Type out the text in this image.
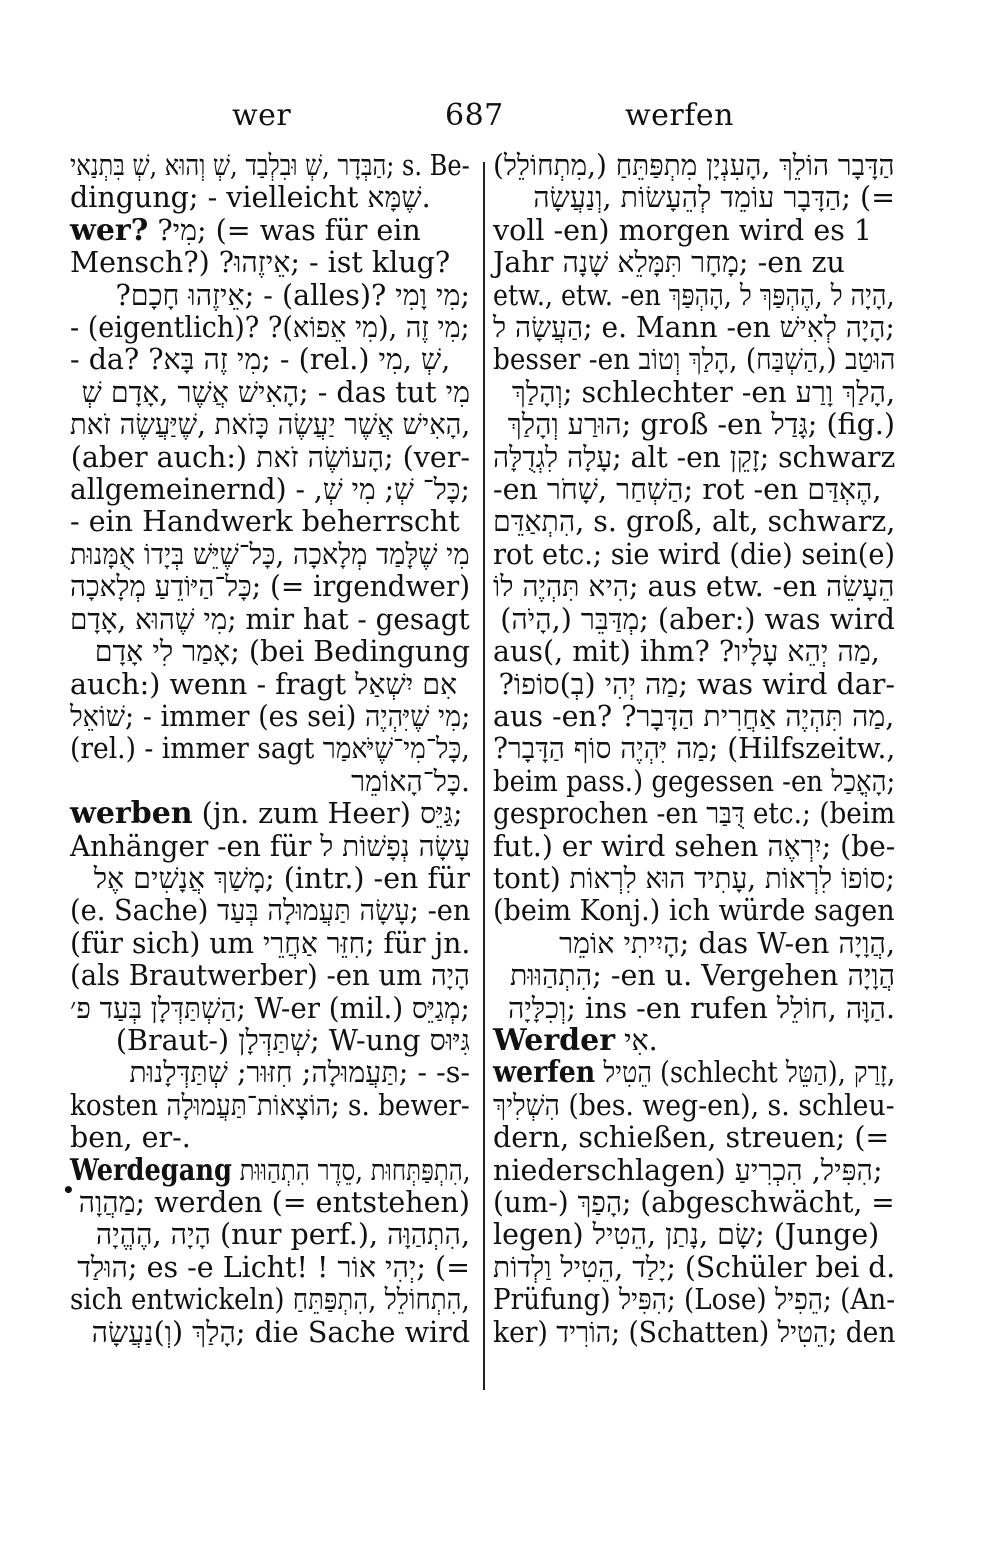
wer	687	werfen
•
הַבְּדָר ,שְׁ וּבִלְבַד ,שְׁ וְהוּא ,שְׁ בִּתְנַאי; s. Be-
dingung; - vielleicht שֶׁמָּא.
wer? ?מִי; (= was für ein
Mensch?) ?אֵיזֶהוּ; - ist klug?
?אֵיזֶהוּ חָכָם; - (alles)? מִי וָמִי;
- (eigentlich)? ?מִי זֶה ,(מִי אֵפוֹא);
- da? ?מִי זֶה בָּא; - (rel.) שְׁ ,מִי,
הָאִישׁ אֲשֶׁר ,אָדָם שְׁ; - das tut מִי
הָאִישׁ אֲשֶׁר יַעֲשֶׂה כָּזֹאת ,שֶׁיַּעֲשֶׂה זֹאת,
(aber auch:) הָעוֹשֶׂה זֹאת; (ver-
allgemeinernd) - ,כָּל־ שְׁ; מִי שְׁ;
- ein Handwerk beherrscht
מִי שֶׁלָּמַד מְלָאכָה ,כָּל־שֶׁיֵּשׁ בְּיָדוֹ אֻמָּנוּת
כָּל־הַיּוֹדֵעַ מְלָאכָה; (= irgendwer)
מִי שֶׁהוּא ,אָדָם; mir hat - gesagt
אָמַר לִי אָדָם; (bei Bedingung
auch:) wenn - fragt אִם יִשְׁאַל
שׁוֹאֵל; - immer (es sei) מִי שֶׁיִּהְיֶה;
(rel.) - immer sagt כָּל־מִי־שֶׁיֹּאמַר,
כָּל־הָאוֹמֵר.
werben (jn. zum Heer) גַּיֵּס;
Anhänger -en für עָשָׂה נְפָשׁוֹת ל
מָשַׁךְ אֲנָשִׁים אֶל; (intr.) -en für
(e. Sache) עָשָׂה תַּעֲמוּלָה בְּעַד; -en
(für sich) um חִזֵּר אַחֲרֵי; für jn.
(als Brautwerber) -en um הָיָה
הַשְׁתַּדְּלָן בְּעַד פ׳; W-er (mil.) מְגַיֵּס;
(Braut-) שְׁתַּדְּלָן; W-ung גִּיּוּס
תַּעֲמוּלָה; חִזּוּר; שְׁתַּדְּלָנוּת; - -s-
kosten הוֹצָאוֹת־תַּעֲמוּלָה; s. bewer-
ben, er-.
Werdegang הִתְפַּתְּחוּת ,סֵדֶר הִתְהַוּוּת,
מַהֲוָה; werden (= entstehen)
הָיָה ,הֶהֱיָה (nur perf.), הִתְהַוָּה,
הוּלַד; es -e Licht! ! יְהִי אוֹר; (=
sich entwickeln) הִתְחוֹלֵל ,הִתְפַּתֵּחַ,
הָלַךְ (וְ)נַעֲשָׂה; die Sache wird
הַדָּבָר הוֹלֵךְ ,הָעִנְיָן מִתְפַּתֵּחַ (,מִתְחוֹלֵל)
הַדָּבָר עוֹמֵד לְהֵעָשׂוֹת ,וְנַעֲשָׂה; (=
voll -en) morgen wird es 1
Jahr מָחָר תִּמָּלֵא שָׁנָה; -en zu
etw., etw. -en הָיָה ל ,הֶהְפַּךְ ל ,הָהְפַּךְ,
הַעֲשָׂה ל; e. Mann -en הָיָה לְאִישׁ;
besser -en הוּטַב (,הַשְׁבַּח) ,הָלַךְ וְטוֹב
וְהָלַךְ; schlechter -en הָלַךְ וָרַע,
הוּרַע וְהָלַךְ; groß -en גָּדַל; (fig.)
עָלָה לִגְדֻלָּה; alt -en זָקֵן; schwarz
-en הַשְׁחַר ,שָׁחֹר; rot -en הֶאְדַּם,
הִתְאַדֵּם, s. groß, alt, schwarz,
rot etc.; sie wird (die) sein(e)
הִיא תִּהְיֶה לוֹ; aus etw. -en הֵעָשֵׂה
מְדַּבֵּר (,הָיֹה); (aber:) was wird
aus(, mit) ihm? ?מַה יְהֵא עָלָיו,
?מַה יְהִי (בְ)סוֹפוֹ; was wird dar-
aus -en? ?מַה תִּהְיֶה אַחֲרִית הַדָּבָר,
?מַה יִּהְיֶה סוֹף הַדָּבָר; (Hilfszeitw.,
beim pass.) gegessen -en הָאֳכַל;
gesprochen -en דֻּבַּר etc.; (beim
fut.) er wird sehen יִרְאֶה; (be-
tont) סוֹפוֹ לִרְאוֹת ,עָתִיד הוּא לִרְאוֹת;
(beim Konj.) ich würde sagen
הָיִיתִי אוֹמֵר; das W-en הֲוָיָה,
הִתְהַוּוּת; -en u. Vergehen הֲוָיָה
וְכִלָּיָה; ins -en rufen הַוָּה ,חוֹלֵל.
Werder אִי.
werfen הֵטִיל (schlecht הַטֵּל), זָרַק,
הִשְׁלִיךְ (bes. weg-en), s. schleu-
dern, schießen, streuen; (=
niederschlagen) הִפִּיל, הִכְרִיעַ;
(um-) הָפַךְ; (abgeschwächt, =
legen) שָׂם ,נָתַן ,הֵטִיל; (Junge)
יָלַד ,הֵטִיל וַלְדוֹת; (Schüler bei d.
Prüfung) הִפִּיל; (Lose) הֵפִיל; (An-
ker) הוֹרִיד; (Schatten) הֵטִיל; den
